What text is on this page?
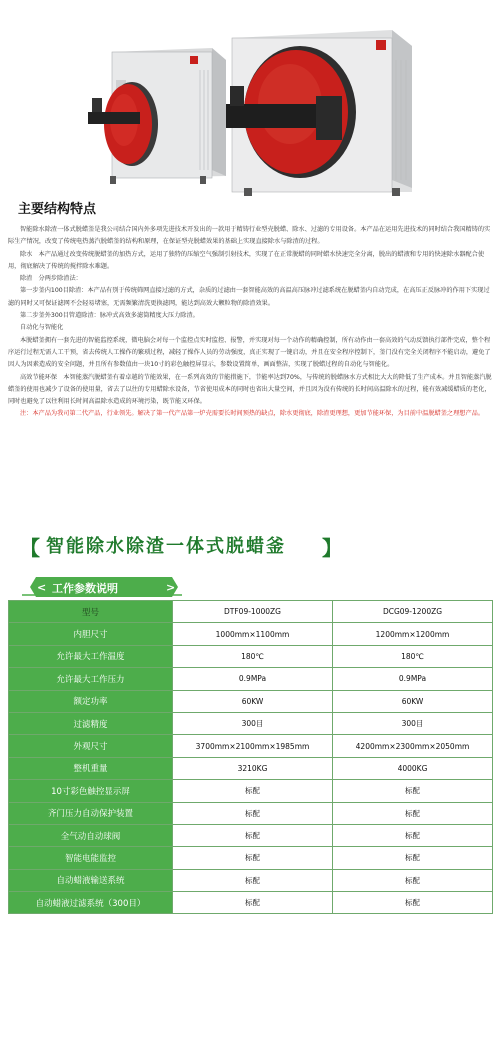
主要结构特点

智能除水除渣一体式脱蜡釜是我公司结合国内外多项先进技术开发出的一款用于精铸行业型壳脱蜡、除水、过滤的专用设备。本产品在运用先进技术的同时结合我国精铸的实际生产情况，改变了传统电热蒸汽脱蜡釜的结构和原理，在保证型壳脱蜡效果的基础上实现直接除水与除渣的过程。

除水　本产品通过改变传统脱蜡釜的加热方式，运用了独特的压缩空气强制引射技术，实现了在正常脱蜡的同时蜡水快速完全分离，脱出的蜡液和专用的快速除水器配合使用，彻底解决了传统的搅拌除水难题。

除渣　分两步除渣法：

第一步釜内100目除渣：本产品有别于传统筛网直接过滤的方式，杂质的过滤由一套智能高效的高温高压脉冲过滤系统在脱蜡釜内自动完成，在高压正反脉冲的作用下实现过滤的同时又可保证滤网不会轻易堵塞，无需频繁清洗更换滤网，能达到高效大颗粒物的除渣效果。

第二步釜外300目管道除渣：脉冲式高效多滤筒精度大压力除渣。

自动化与智能化

本脱蜡釜拥有一套先进的智能监控系统，微电脑会对每一个监控点实时监控、报警，并实现对每一个动作的精确控制，所有动作由一套高效的气动反馈执行部件完成，整个程序运行过程无需人工干预，省去传统人工操作的繁琐过程，减轻了操作人员的劳动强度，真正实现了一键启动，并且在安全程序控制下，釜门没有完全关闭程序不能启动，避免了因人为因素造成的安全问题，并且所有参数值由一块10寸的彩色触控屏显示，参数设置简单，画面整洁，实现了脱蜡过程的自动化与智能化。

高效节能环保　本智能蒸汽脱蜡釜有着卓越的节能效果，在一系列高效的节能措施下，节能率达到70%，与传统的脱蜡脉水方式相比大大的降低了生产成本。并且智能蒸汽脱蜡釜的使用也减少了设备的使用量，省去了以往的专用蜡除水设备，节省使用成本的同时也省出大量空间，并且因为没有传统的长时间高温除水的过程，能有效减缓蜡质的老化，同时也避免了以往利用长时间高温除水造成的环境污染，既节能又环保。

注：本产品为我司第二代产品，行业领先。解决了第一代产品第一炉壳需要长时间预热的缺点，除水更彻底，除渣更理想，更加节能环保，为目前中温脱蜡釜之理想产品。

【 智能除水除渣一体式脱蜡釜	】
<	>
工作参数说明
型号	DTF09-1000ZG	DCG09-1200ZG
内胆尺寸	1000mm×1100mm	1200mm×1200mm
允许最大工作温度	180℃	180℃
允许最大工作压力	0.9MPa	0.9MPa
额定功率	60KW	60KW
过滤精度	300目	300目
外观尺寸	3700mm×2100mm×1985mm	4200mm×2300mm×2050mm
整机重量	3210KG	4000KG
10寸彩色触控显示屏	标配	标配
齐门压力自动保护装置	标配	标配
全气动自动球阀	标配	标配
智能电能监控	标配	标配
自动蜡液输送系统	标配	标配
自动蜡液过滤系统（300目）	标配	标配
